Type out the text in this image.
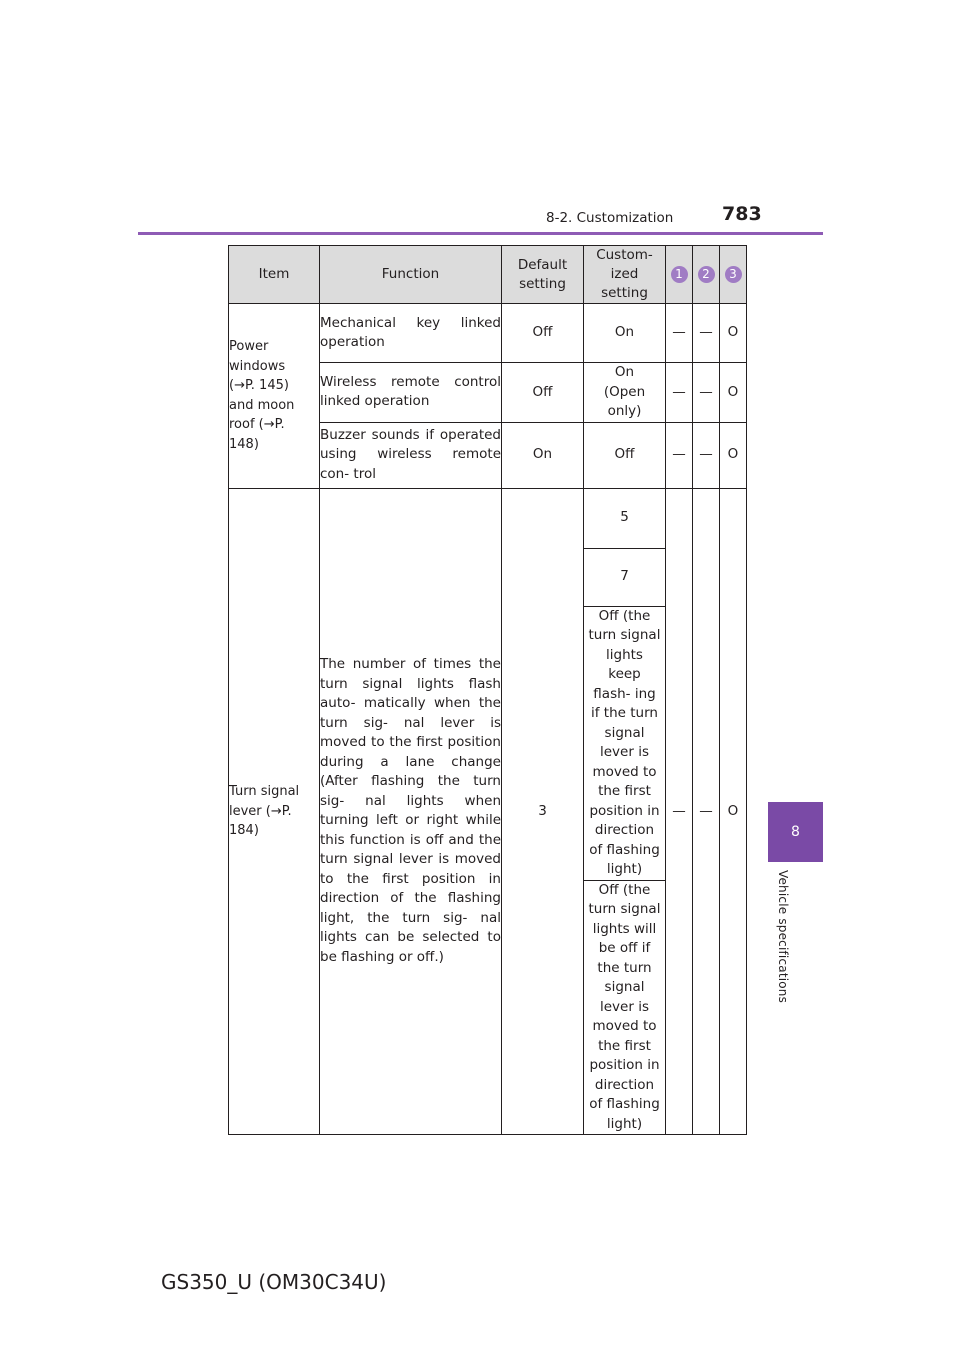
8-2. Customization	783
8
Vehicle specifications
Item	Function	Default setting	Custom- ized setting	1	2	3
Power windows (→P. 145) and moon roof (→P. 148)	Mechanical key linked operation	Off	On	—	—	O
	Wireless remote control linked operation	Off	On (Open only)	—	—	O
	Buzzer sounds if operated using wireless remote con- trol	On	Off	—	—	O
Turn signal lever (→P. 184)	The number of times the turn signal lights flash auto- matically when the turn sig- nal lever is moved to the first position during a lane change (After flashing the turn sig- nal lights when turning left or right while this function is off and the turn signal lever is moved to the first position in direction of the flashing light, the turn sig- nal lights can be selected to be flashing or off.)	3	5	—	—	O
			7			
			Off (the turn signal lights keep flash- ing if the turn signal lever is moved to the first position in direction of flashing light)			
			Off (the turn signal lights will be off if the turn signal lever is moved to the first position in direction of flashing light)			
GS350_U (OM30C34U)
